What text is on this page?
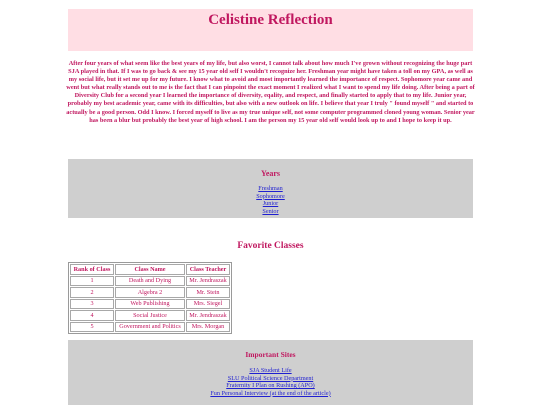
Celistine Reflection

After four years of what seem like the best years of my life, but also worst, I cannot talk about how much I've grown without recognizing the huge part SJA played in that. If I was to go back & see my 15 year old self I wouldn't recognize her. Freshman year might have taken a toll on my GPA, as well as my social life, but it set me up for my future. I know what to avoid and most importantly learned the importance of respect. Sophomore year came and went but what really stands out to me is the fact that I can pinpoint the exact moment I realized what I want to spend my life doing. After being a part of Diversity Club for a second year I learned the importance of diversity, eqality, and respect, and finally started to apply that to my life. Junior year, probably my best academic year, came with its difficulties, but also with a new outlook on life. I believe that year I truly " found myself " and started to actually be a good person. Odd I know. I forced myself to live as my true unique self, not some computer programmed cloned young woman. Senior year has been a blur but probably the best year of high school. I am the person my 15 year old self would look up to and I hope to keep it up.

Years
Freshman
Sophomore
Junior
Senior
Favorite Classes
Rank of Class	Class Name	Class Teacher
1	Death and Dying	Mr. Jendraszak
2	Algebra 2	Mr. Stein
3	Web Publishing	Mrs. Siegel
4	Social Justice	Mr. Jendraszak
5	Government and Politics	Mrs. Morgan
Important Sites
SJA Student Life
SLU Political Science Department
Fraternity I Plan on Rushing (APO)
Fun Personal Interview (at the end of the article)
